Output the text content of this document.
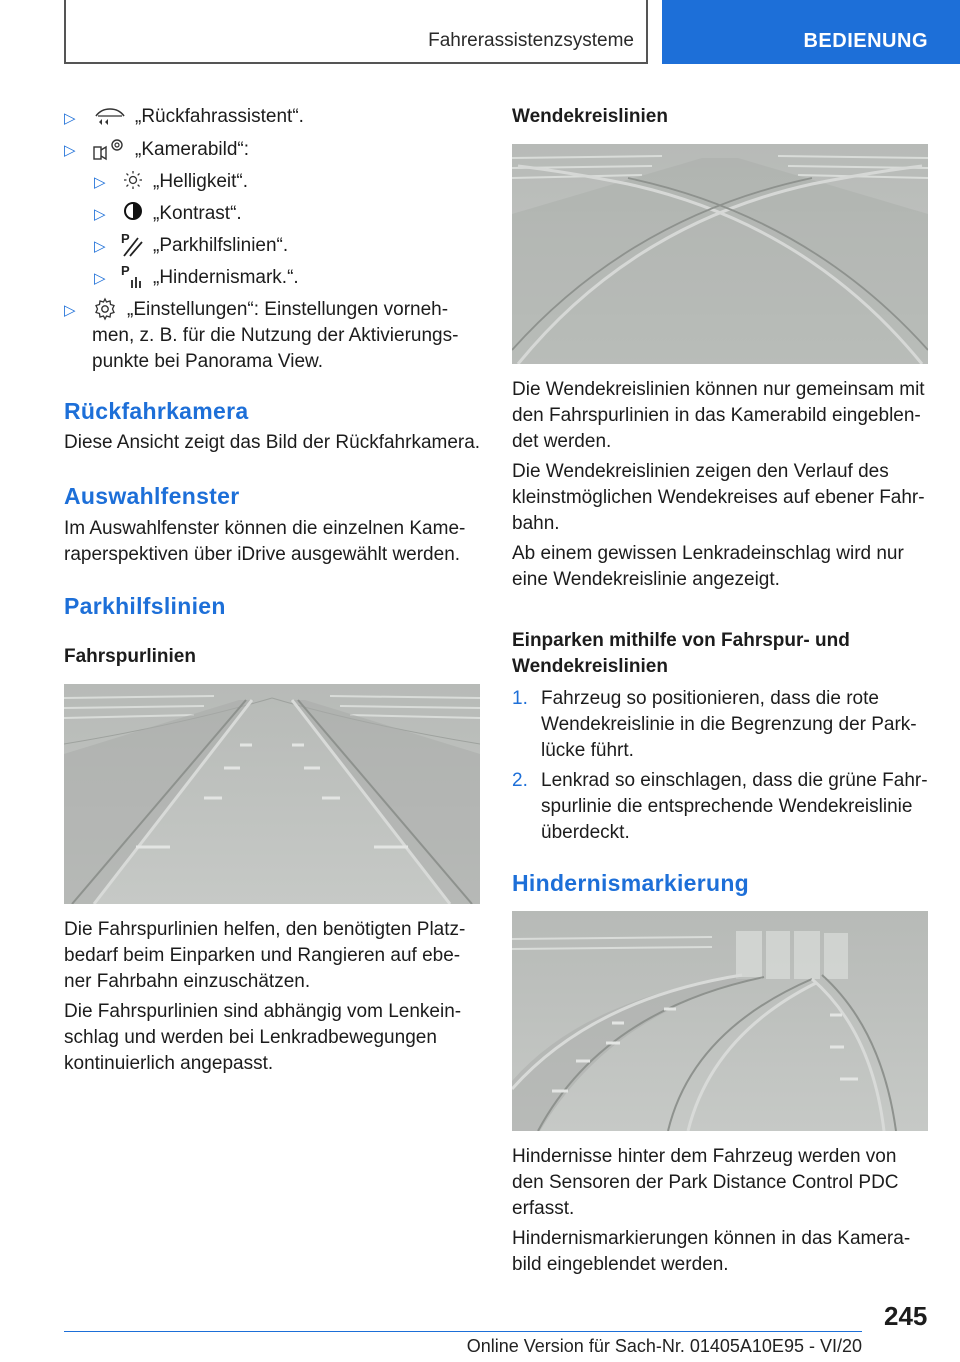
Fahrerassistenzsysteme	BEDIENUNG
▷	„Rückfahrassistent“.
▷	„Kamerabild“:
▷ „Helligkeit“.
▷ „Kontrast“.
▷ P „Parkhilfslinien“.
▷ P „Hindernismark.“.
▷	„Einstellungen“: Einstellungen vorneh-
men, z. B. für die Nutzung der Aktivierungs-
punkte bei Panorama View.
Rückfahrkamera

Diese Ansicht zeigt das Bild der Rückfahrkamera.

Auswahlfenster

Im Auswahlfenster können die einzelnen Kame-

raperspektiven über iDrive ausgewählt werden.

Parkhilfslinien
Fahrspurlinien

Die Fahrspurlinien helfen, den benötigten Platz-

bedarf beim Einparken und Rangieren auf ebe-

ner Fahrbahn einzuschätzen.

Die Fahrspurlinien sind abhängig vom Lenkein-

schlag und werden bei Lenkradbewegungen

kontinuierlich angepasst.

Wendekreislinien

Die Wendekreislinien können nur gemeinsam mit

den Fahrspurlinien in das Kamerabild eingeblen-

det werden.

Die Wendekreislinien zeigen den Verlauf des

kleinstmöglichen Wendekreises auf ebener Fahr-

bahn.

Ab einem gewissen Lenkradeinschlag wird nur

eine Wendekreislinie angezeigt.

Einparken mithilfe von Fahrspur- und
Wendekreislinien
1. Fahrzeug so positionieren, dass die rote

Wendekreislinie in die Begrenzung der Park-

lücke führt.

2. Lenkrad so einschlagen, dass die grüne Fahr-

spurlinie die entsprechende Wendekreislinie

überdeckt.

Hindernismarkierung

Hindernisse hinter dem Fahrzeug werden von

den Sensoren der Park Distance Control PDC

erfasst.

Hindernismarkierungen können in das Kamera-

bild eingeblendet werden.

245
Online Version für Sach-Nr. 01405A10E95 - VI/20
